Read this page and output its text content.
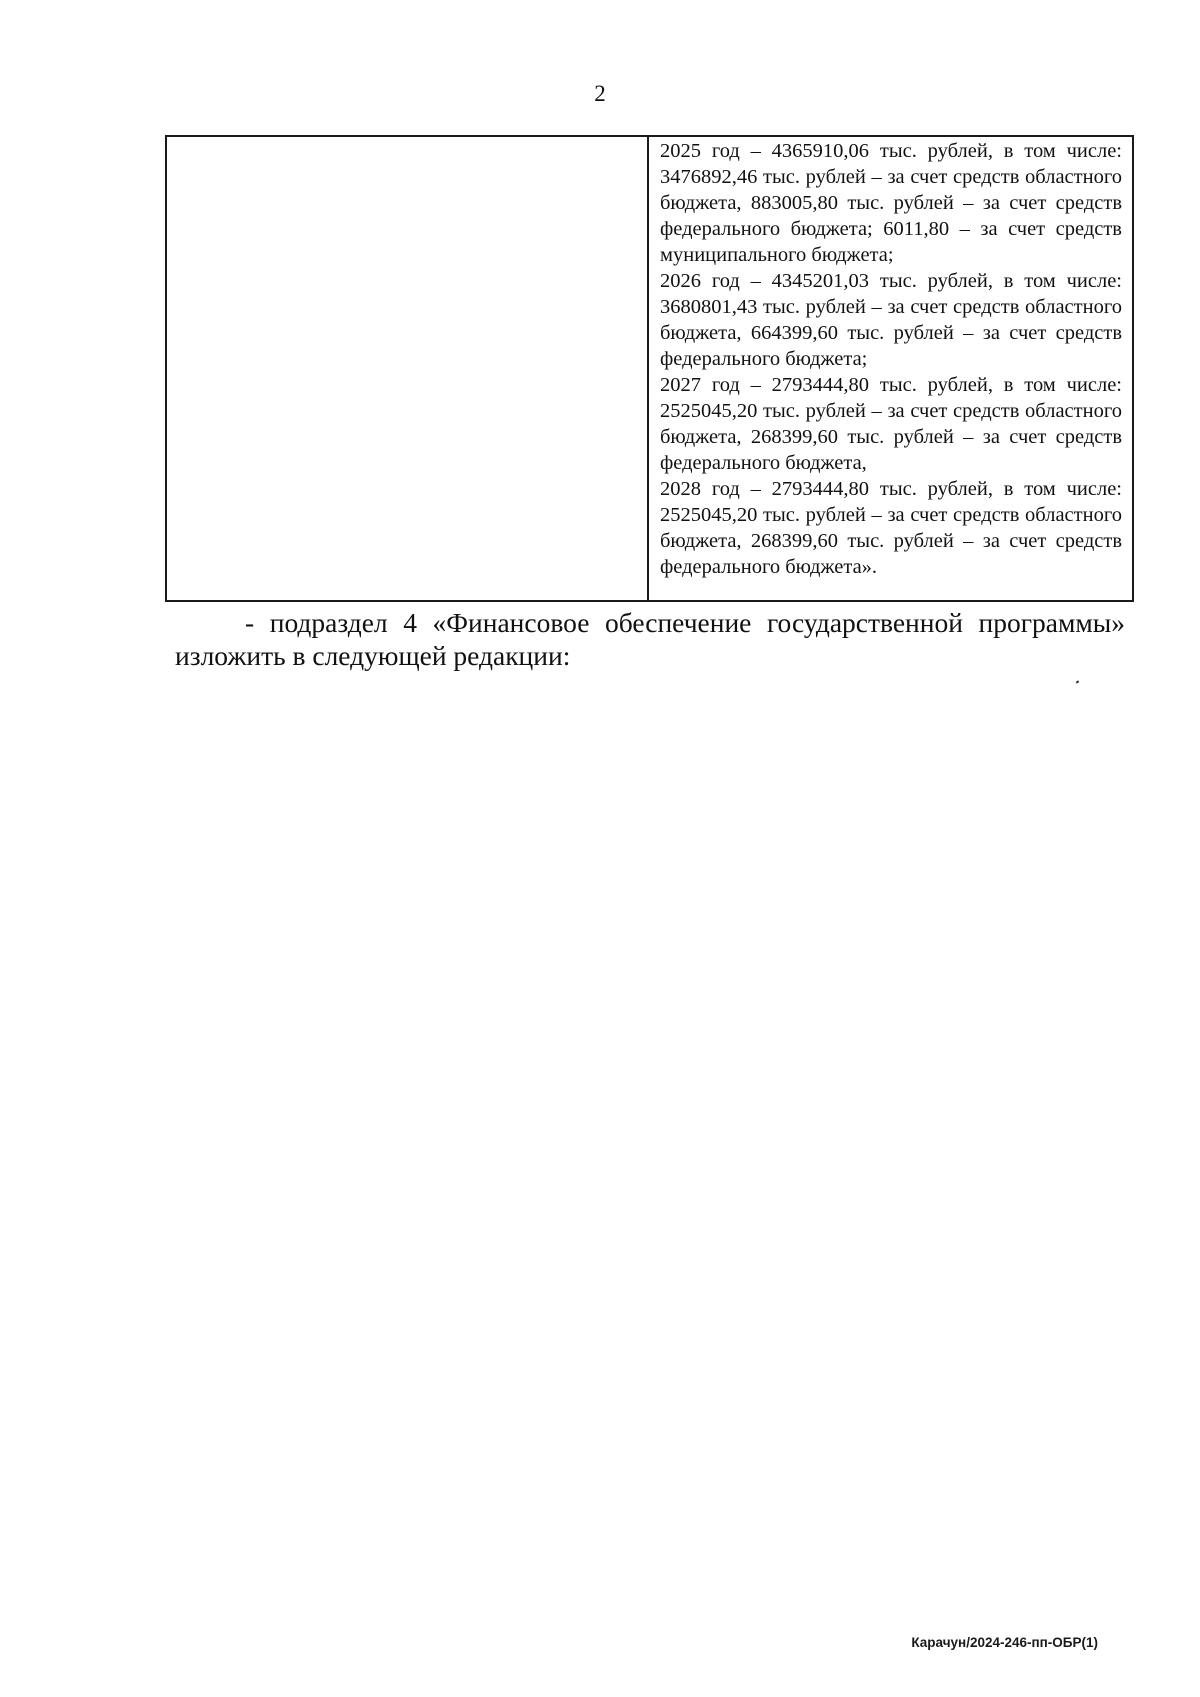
2

2025 год – 4365910,06 тыс. рублей, в том числе: 3476892,46 тыс. рублей – за счет средств областного бюджета, 883005,80 тыс. рублей – за счет средств федерального бюджета; 6011,80 – за счет средств муниципального бюджета;

2026 год – 4345201,03 тыс. рублей, в том числе: 3680801,43 тыс. рублей – за счет средств областного бюджета, 664399,60 тыс. рублей – за счет средств федерального бюджета;

2027 год – 2793444,80 тыс. рублей, в том числе: 2525045,20 тыс. рублей – за счет средств областного бюджета, 268399,60 тыс. рублей – за счет средств федерального бюджета,

2028 год – 2793444,80 тыс. рублей, в том числе: 2525045,20 тыс. рублей – за счет средств областного бюджета, 268399,60 тыс. рублей – за счет средств федерального бюджета».

- подраздел 4 «Финансовое обеспечение государственной программы» изложить в следующей редакции:

Карачун/2024-246-пп-ОБР(1)
